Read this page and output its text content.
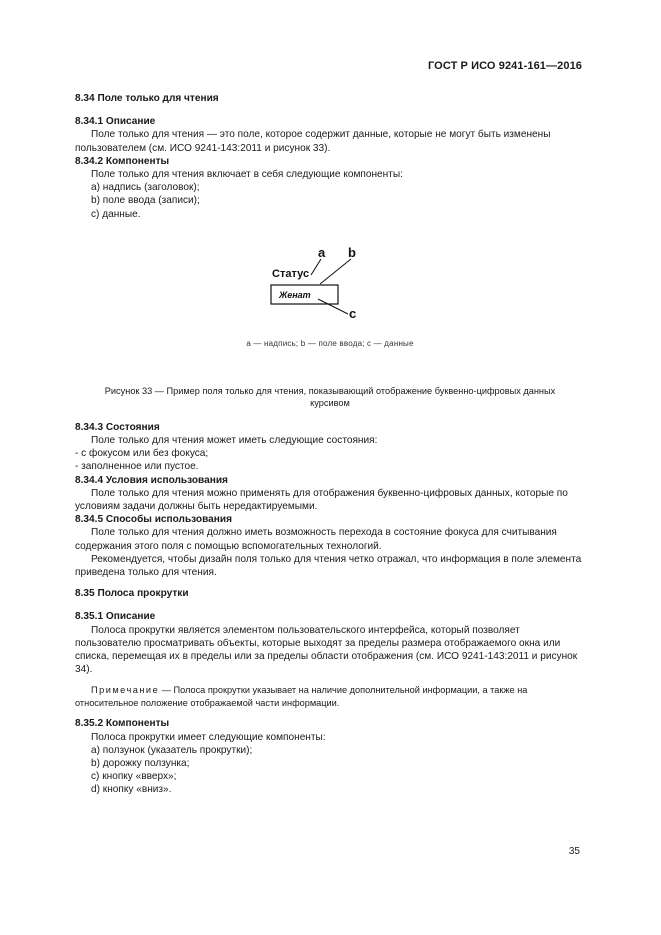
ГОСТ Р ИСО 9241-161—2016
8.34 Поле только для чтения
8.34.1 Описание

Поле только для чтения — это поле, которое содержит данные, которые не могут быть изменены пользователем (см. ИСО 9241-143:2011 и рисунок 33).

8.34.2 Компоненты

Поле только для чтения включает в себя следующие компоненты:

a) надпись (заголовок);

b) поле ввода (записи);

c) данные.

a b
Статус
Женат
c
a — надпись; b — поле ввода; c — данные

Рисунок 33 — Пример поля только для чтения, показывающий отображение буквенно-цифровых данных курсивом

8.34.3 Состояния

Поле только для чтения может иметь следующие состояния:

- с фокусом или без фокуса;

- заполненное или пустое.

8.34.4 Условия использования

Поле только для чтения можно применять для отображения буквенно-цифровых данных, которые по условиям задачи должны быть нередактируемыми.

8.34.5 Способы использования

Поле только для чтения должно иметь возможность перехода в состояние фокуса для считывания содержания этого поля с помощью вспомогательных технологий.

Рекомендуется, чтобы дизайн поля только для чтения четко отражал, что информация в поле элемента приведена только для чтения.

8.35 Полоса прокрутки
8.35.1 Описание

Полоса прокрутки является элементом пользовательского интерфейса, который позволяет пользователю просматривать объекты, которые выходят за пределы размера отображаемого окна или списка, перемещая их в пределы или за пределы области отображения (см. ИСО 9241-143:2011 и рисунок 34).

Примечание — Полоса прокрутки указывает на наличие дополнительной информации, а также на относительное положение отображаемой части информации.

8.35.2 Компоненты

Полоса прокрутки имеет следующие компоненты:

a) ползунок (указатель прокрутки);

b) дорожку ползунка;

c) кнопку «вверх»;

d) кнопку «вниз».

35
